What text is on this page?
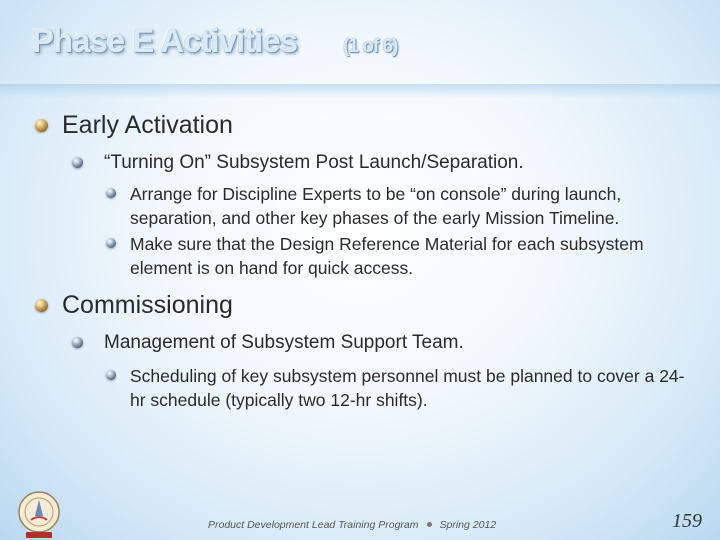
Phase E Activities (1 of 6)
Early Activation
“Turning On” Subsystem Post Launch/Separation.
Arrange for Discipline Experts to be “on console” during launch, separation, and other key phases of the early Mission Timeline.
Make sure that the Design Reference Material for each subsystem element is on hand for quick access.
Commissioning
Management of Subsystem Support Team.
Scheduling of key subsystem personnel must be planned to cover a 24-hr schedule (typically two 12-hr shifts).
Product Development Lead Training Program Spring 2012	159
